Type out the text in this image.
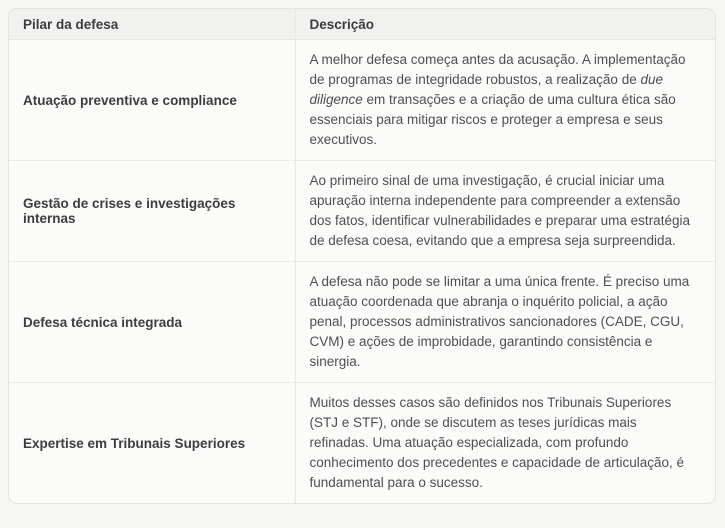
Pilar da defesa	Descrição
Atuação preventiva e compliance	A melhor defesa começa antes da acusação. A implementação de programas de integridade robustos, a realização de due diligence em transações e a criação de uma cultura ética são essenciais para mitigar riscos e proteger a empresa e seus executivos.
Gestão de crises e investigações internas	Ao primeiro sinal de uma investigação, é crucial iniciar uma apuração interna independente para compreender a extensão dos fatos, identificar vulnerabilidades e preparar uma estratégia de defesa coesa, evitando que a empresa seja surpreendida.
Defesa técnica integrada	A defesa não pode se limitar a uma única frente. É preciso uma atuação coordenada que abranja o inquérito policial, a ação penal, processos administrativos sancionadores (CADE, CGU, CVM) e ações de improbidade, garantindo consistência e sinergia.
Expertise em Tribunais Superiores	Muitos desses casos são definidos nos Tribunais Superiores (STJ e STF), onde se discutem as teses jurídicas mais refinadas. Uma atuação especializada, com profundo conhecimento dos precedentes e capacidade de articulação, é fundamental para o sucesso.
